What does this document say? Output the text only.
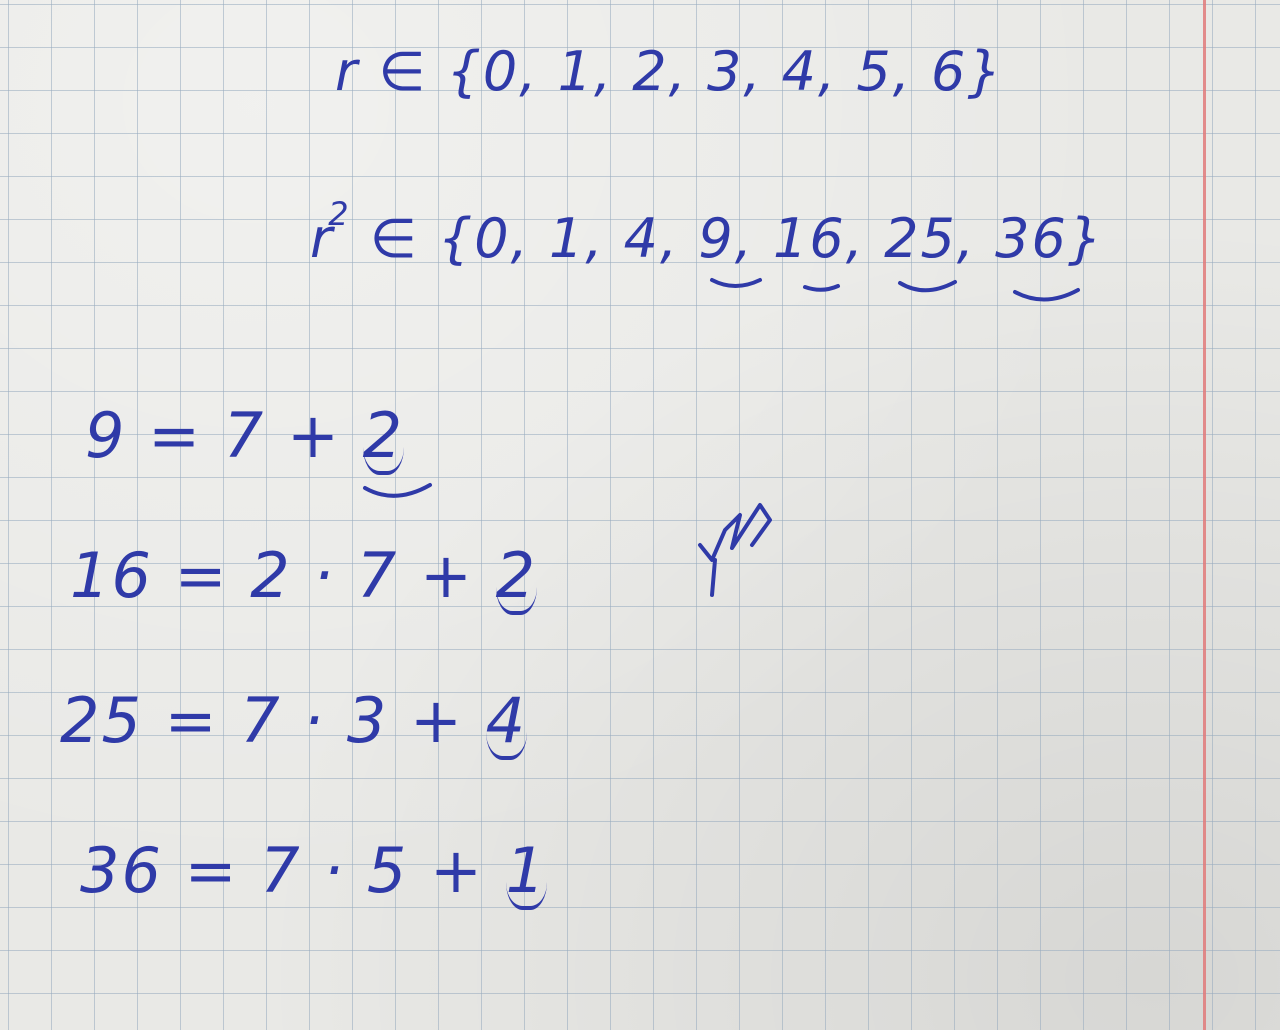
r ∈ {0, 1, 2, 3, 4, 5, 6}
$r^2$ ∈ {0, 1, 4, 9, 16, 25, 36}
9 = 7 + 2
16 = 2 · 7 + 2
25 = 7 · 3 + 4
36 = 7 · 5 + 1
